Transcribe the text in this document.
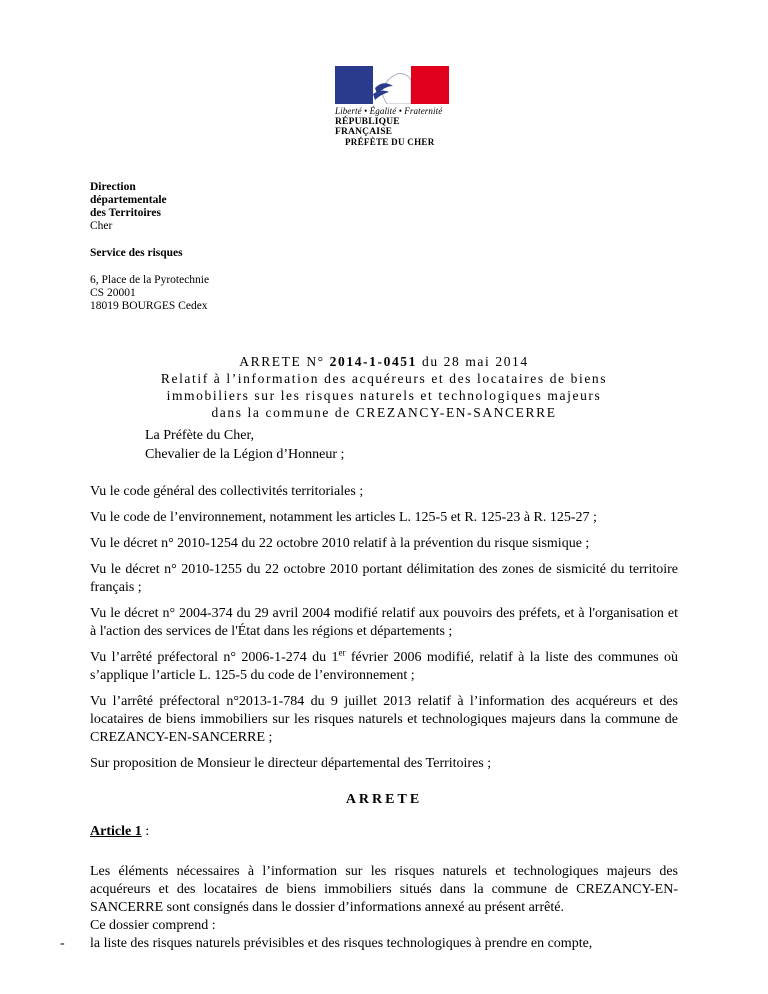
Liberté • Égalité • Fraternité
RÉPUBLIQUE FRANÇAISE
PRÉFÈTE DU CHER
Direction
départementale
des Territoires
Cher
Service des risques
6, Place de la Pyrotechnie
CS 20001
18019 BOURGES Cedex
ARRETE N° 2014-1-0451 du 28 mai 2014
Relatif à l’information des acquéreurs et des locataires de biens
immobiliers sur les risques naturels et technologiques majeurs
dans la commune de CREZANCY-EN-SANCERRE
La Préfète du Cher,
Chevalier de la Légion d’Honneur ;

Vu le code général des collectivités territoriales ;

Vu le code de l’environnement, notamment les articles L. 125-5 et R. 125-23 à R. 125-27 ;

Vu le décret n° 2010-1254 du 22 octobre 2010 relatif à la prévention du risque sismique ;

Vu le décret n° 2010-1255 du 22 octobre 2010 portant délimitation des zones de sismicité du territoire français ;

Vu le décret n° 2004-374 du 29 avril 2004 modifié relatif aux pouvoirs des préfets, et à l'organisation et à l'action des services de l'État dans les régions et départements ;

Vu l’arrêté préfectoral n° 2006-1-274 du 1er février 2006 modifié, relatif à la liste des communes où s’applique l’article L. 125-5 du code de l’environnement ;

Vu l’arrêté préfectoral n°2013-1-784 du 9 juillet 2013 relatif à l’information des acquéreurs et des locataires de biens immobiliers sur les risques naturels et technologiques majeurs dans la commune de CREZANCY-EN-SANCERRE ;

Sur proposition de Monsieur le directeur départemental des Territoires ;

ARRETE

Article 1 :

Les éléments nécessaires à l’information sur les risques naturels et technologiques majeurs des acquéreurs et des locataires de biens immobiliers situés dans la commune de CREZANCY-EN-SANCERRE sont consignés dans le dossier d’informations annexé au présent arrêté.

Ce dossier comprend :

- la liste des risques naturels prévisibles et des risques technologiques à prendre en compte,
